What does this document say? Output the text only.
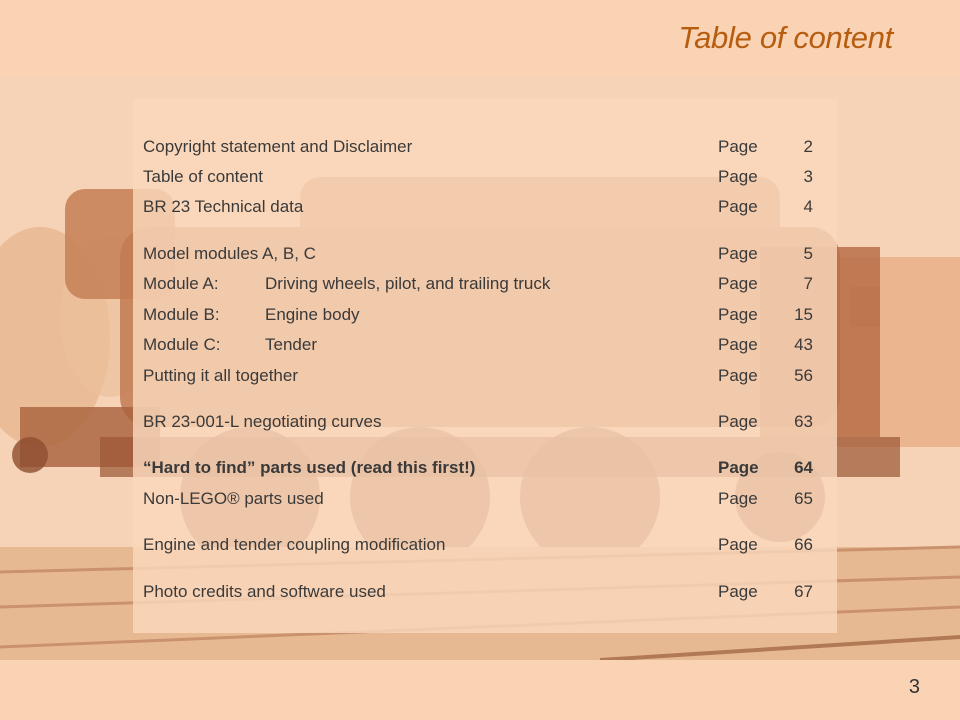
Table of content
Copyright statement and Disclaimer	Page	2
Table of content	Page	3
BR 23 Technical data	Page	4
Model modules A, B, C	Page	5
Module A:	Driving wheels, pilot, and trailing truck	Page	7
Module B:	Engine body	Page 15
Module C:	Tender	Page 43
Putting it all together	Page 56
BR 23-001-L negotiating curves	Page 63
“Hard to find” parts used (read this first!)	Page 64
Non-LEGO® parts used	Page 65
Engine and tender coupling modification	Page 66
Photo credits and software used	Page 67
3
